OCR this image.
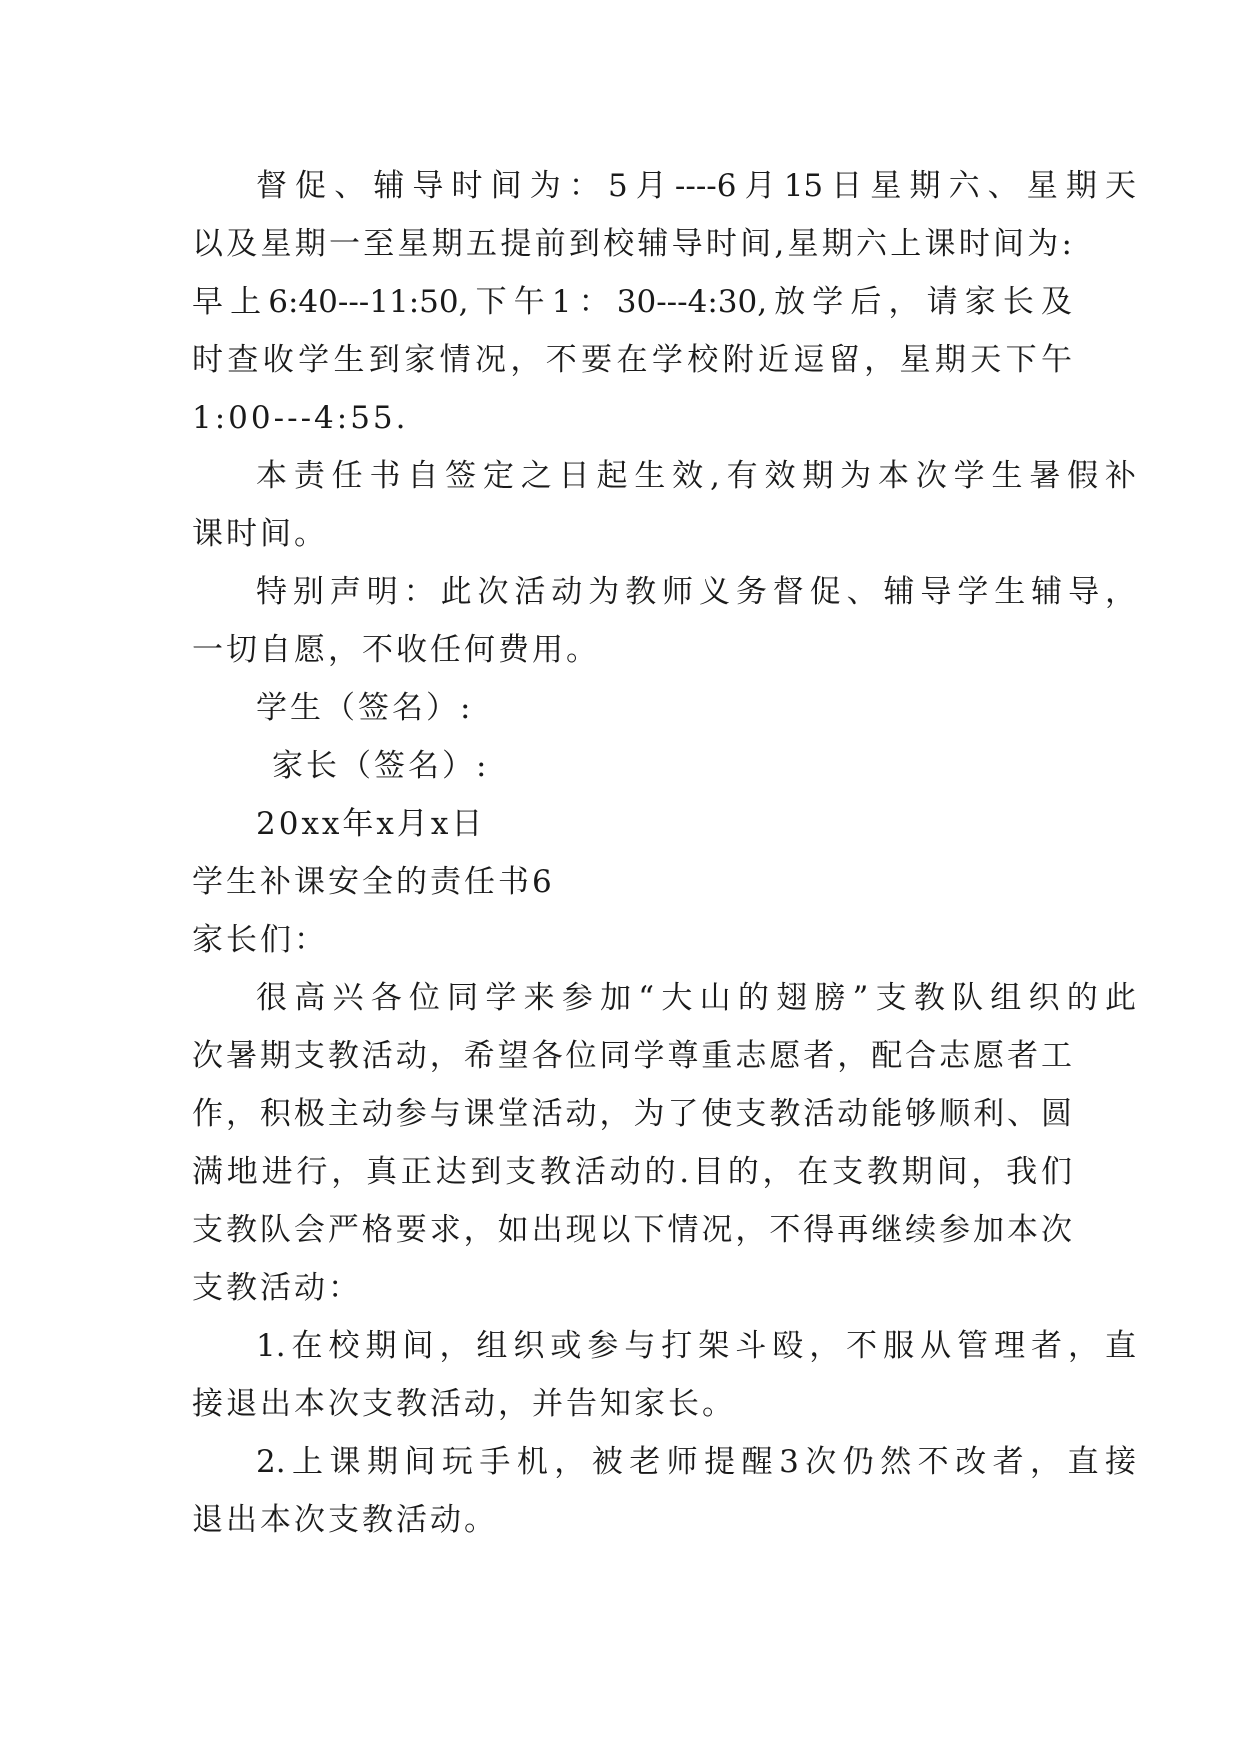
督促、辅导时间为：5月----6月15日星期六、星期天
以及星期一至星期五提前到校辅导时间,星期六上课时间为:
早上6:40---11:50,下午1：30---4:30,放学后，请家长及
时查收学生到家情况，不要在学校附近逗留，星期天下午
1:00---4:55.
本责任书自签定之日起生效,有效期为本次学生暑假补
课时间。
特别声明：此次活动为教师义务督促、辅导学生辅导，
一切自愿，不收任何费用。
学生（签名）:
家长（签名）:
20xx年x月x日
学生补课安全的责任书6
家长们：
很高兴各位同学来参加“大山的翅膀”支教队组织的此
次暑期支教活动，希望各位同学尊重志愿者，配合志愿者工
作，积极主动参与课堂活动，为了使支教活动能够顺利、圆
满地进行，真正达到支教活动的.目的，在支教期间，我们
支教队会严格要求，如出现以下情况，不得再继续参加本次
支教活动：
1.在校期间，组织或参与打架斗殴，不服从管理者，直
接退出本次支教活动，并告知家长。
2.上课期间玩手机，被老师提醒3次仍然不改者，直接
退出本次支教活动。
